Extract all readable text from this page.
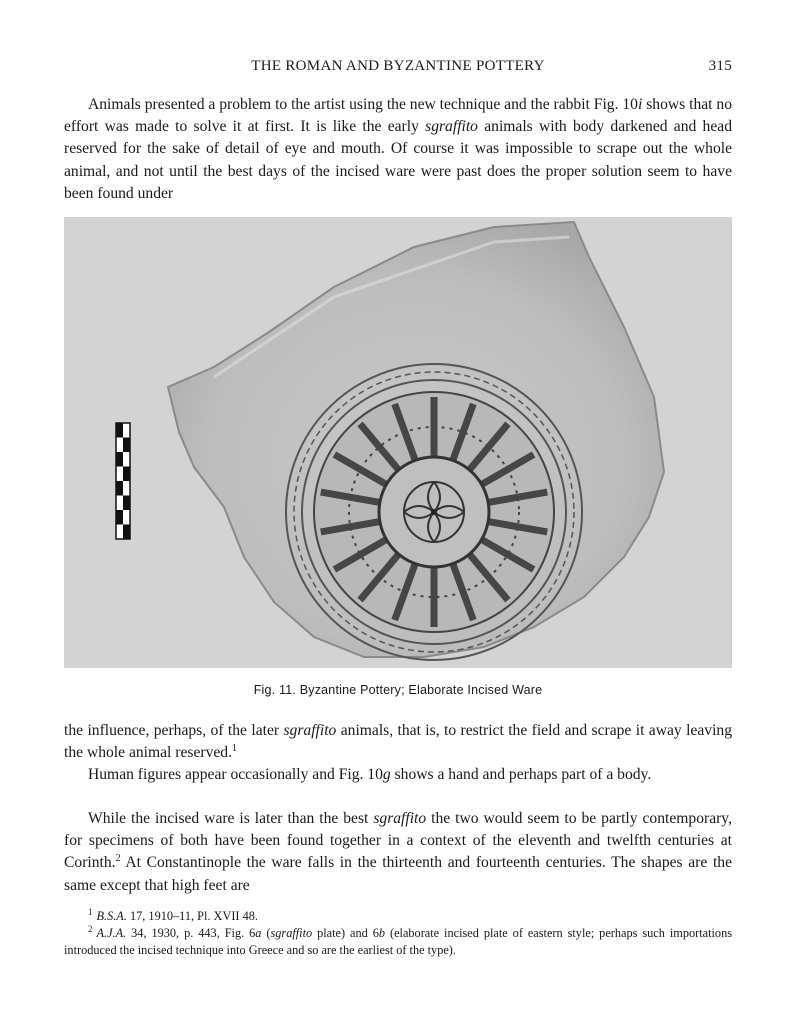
THE ROMAN AND BYZANTINE POTTERY	315

Animals presented a problem to the artist using the new technique and the rabbit Fig. 10i shows that no effort was made to solve it at first. It is like the early sgraffito animals with body darkened and head reserved for the sake of detail of eye and mouth. Of course it was impossible to scrape out the whole animal, and not until the best days of the incised ware were past does the proper solution seem to have been found under

Fig. 11. Byzantine Pottery; Elaborate Incised Ware

the influence, perhaps, of the later sgraffito animals, that is, to restrict the field and scrape it away leaving the whole animal reserved.$^1$

Human figures appear occasionally and Fig. 10g shows a hand and perhaps part of a body.

While the incised ware is later than the best sgraffito the two would seem to be partly contemporary, for specimens of both have been found together in a context of the eleventh and twelfth centuries at Corinth.$^2$ At Constantinople the ware falls in the thirteenth and fourteenth centuries. The shapes are the same except that high feet are

$^1$ B.S.A. 17, 1910–11, Pl. XVII 48.

$^2$ A.J.A. 34, 1930, p. 443, Fig. 6a (sgraffito plate) and 6b (elaborate incised plate of eastern style; perhaps such importations introduced the incised technique into Greece and so are the earliest of the type).
